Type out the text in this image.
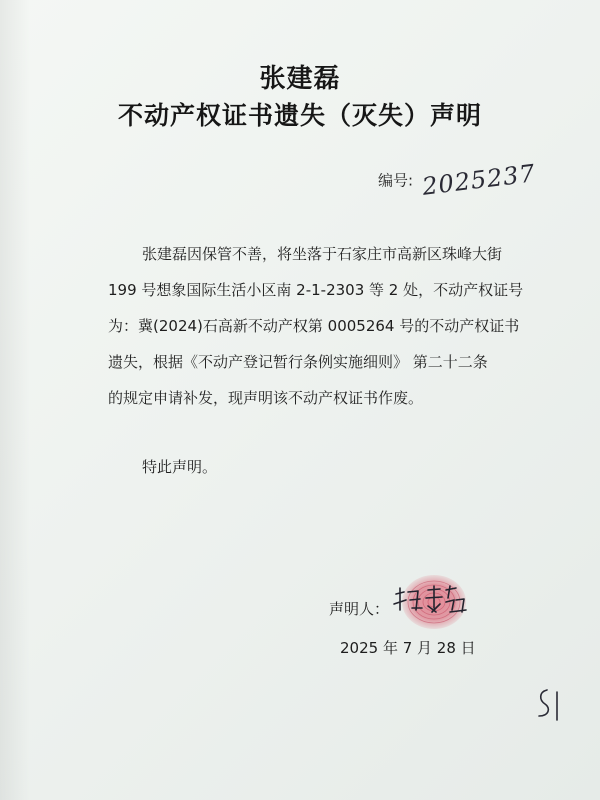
张建磊
不动产权证书遗失（灭失）声明
编号: 2025237
张建磊因保管不善，将坐落于石家庄市高新区珠峰大街
199 号想象国际生活小区南 2-1-2303 等 2 处，不动产权证号
为：冀(2024)石高新不动产权第 0005264 号的不动产权证书
遗失，根据《不动产登记暂行条例实施细则》 第二十二条
的规定申请补发，现声明该不动产权证书作废。
特此声明。
声明人：
2025 年 7 月 28 日
